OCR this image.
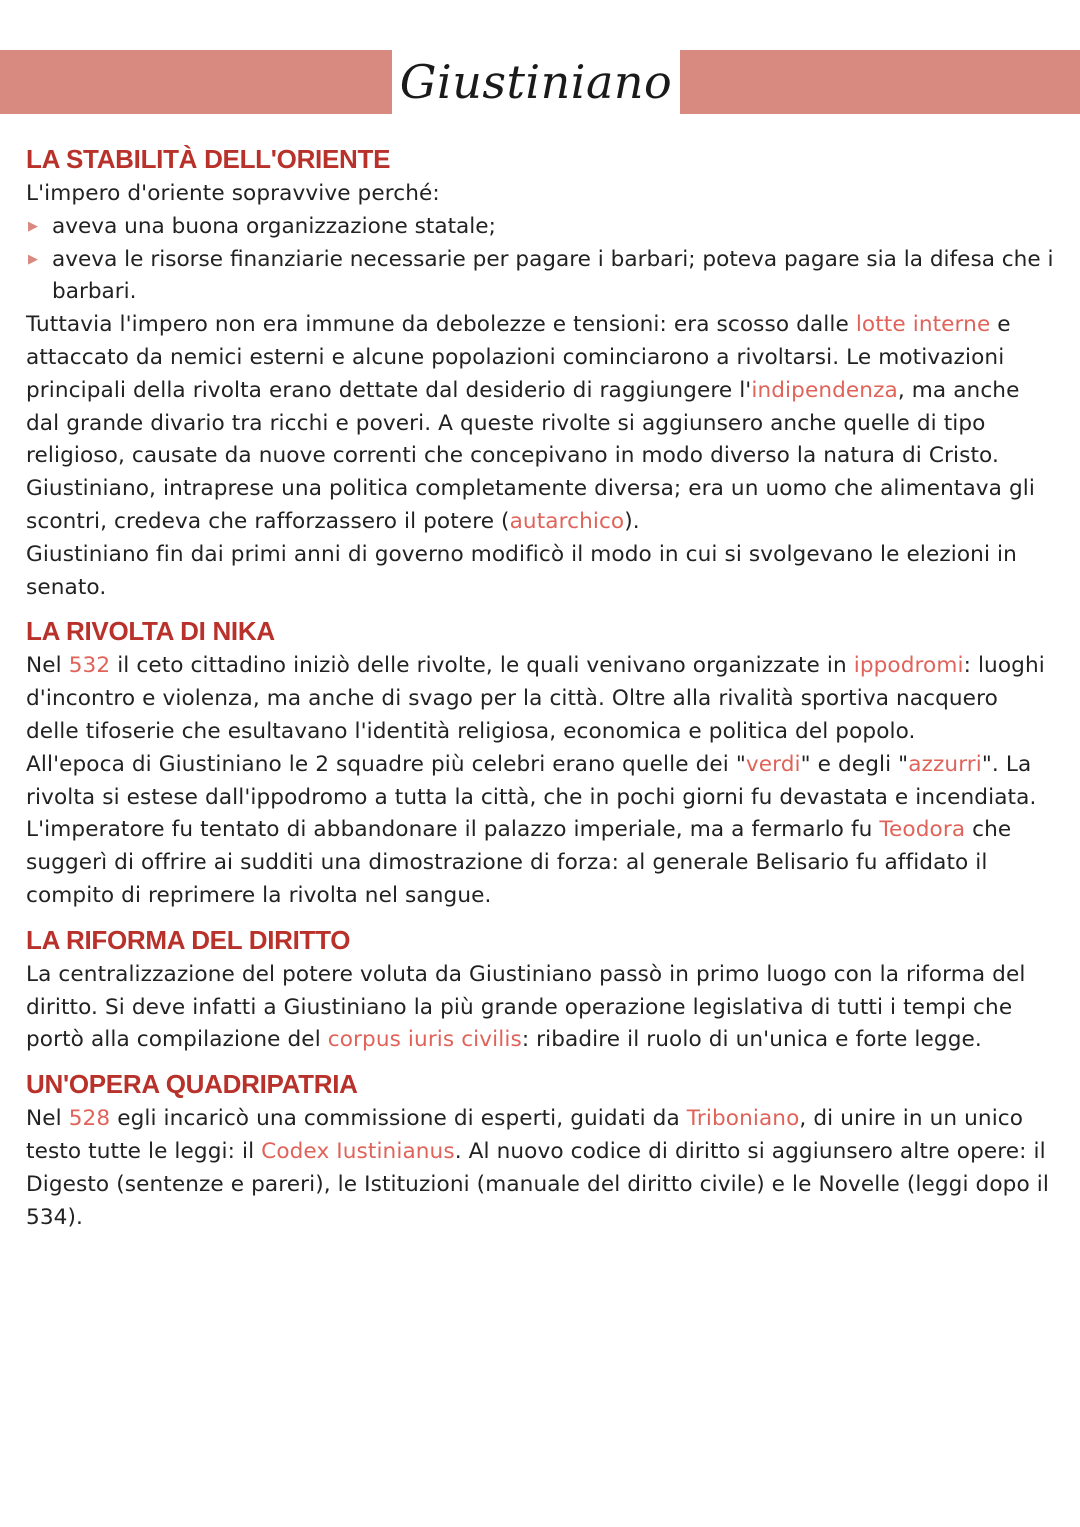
Giustiniano
LA STABILITÀ DELL'ORIENTE

L'impero d'oriente sopravvive perché:

▶ aveva una buona organizzazione statale;
▶ aveva le risorse finanziarie necessarie per pagare i barbari; poteva pagare sia la difesa che i barbari.

Tuttavia l'impero non era immune da debolezze e tensioni: era scosso dalle lotte interne e attaccato da nemici esterni e alcune popolazioni cominciarono a rivoltarsi. Le motivazioni principali della rivolta erano dettate dal desiderio di raggiungere l'indipendenza, ma anche dal grande divario tra ricchi e poveri. A queste rivolte si aggiunsero anche quelle di tipo religioso, causate da nuove correnti che concepivano in modo diverso la natura di Cristo.

Giustiniano, intraprese una politica completamente diversa; era un uomo che alimentava gli scontri, credeva che rafforzassero il potere (autarchico).

Giustiniano fin dai primi anni di governo modificò il modo in cui si svolgevano le elezioni in senato.

LA RIVOLTA DI NIKA

Nel 532 il ceto cittadino iniziò delle rivolte, le quali venivano organizzate in ippodromi: luoghi d'incontro e violenza, ma anche di svago per la città. Oltre alla rivalità sportiva nacquero delle tifoserie che esultavano l'identità religiosa, economica e politica del popolo.

All'epoca di Giustiniano le 2 squadre più celebri erano quelle dei "verdi" e degli "azzurri". La rivolta si estese dall'ippodromo a tutta la città, che in pochi giorni fu devastata e incendiata. L'imperatore fu tentato di abbandonare il palazzo imperiale, ma a fermarlo fu Teodora che suggerì di offrire ai sudditi una dimostrazione di forza: al generale Belisario fu affidato il compito di reprimere la rivolta nel sangue.

LA RIFORMA DEL DIRITTO

La centralizzazione del potere voluta da Giustiniano passò in primo luogo con la riforma del diritto. Si deve infatti a Giustiniano la più grande operazione legislativa di tutti i tempi che portò alla compilazione del corpus iuris civilis: ribadire il ruolo di un'unica e forte legge.

UN'OPERA QUADRIPATRIA

Nel 528 egli incaricò una commissione di esperti, guidati da Triboniano, di unire in un unico testo tutte le leggi: il Codex Iustinianus. Al nuovo codice di diritto si aggiunsero altre opere: il Digesto (sentenze e pareri), le Istituzioni (manuale del diritto civile) e le Novelle (leggi dopo il 534).
